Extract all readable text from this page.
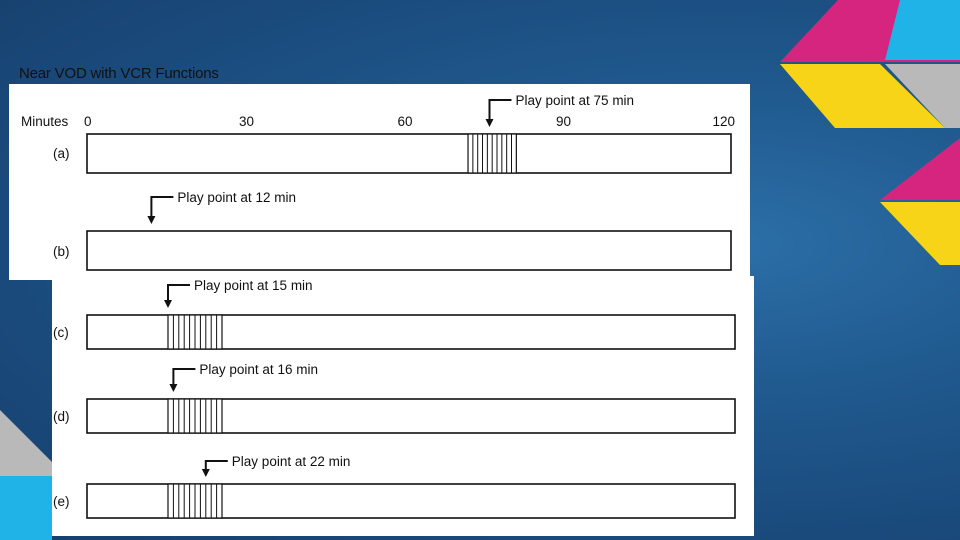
Near VOD with VCR Functions
Minutes 0	30	60	90	120
(a)
Play point at 75 min
(b)
Play point at 12 min
(c)
Play point at 15 min
(d)
Play point at 16 min
(e)
Play point at 22 min
